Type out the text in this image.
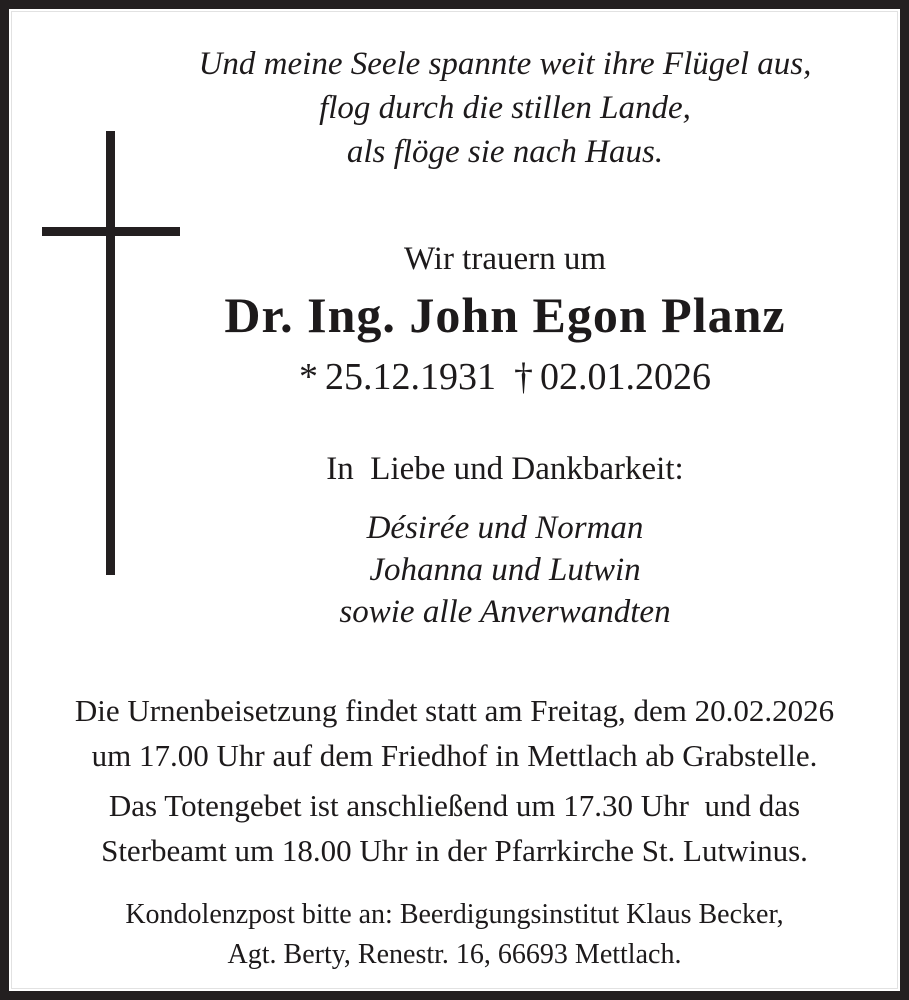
Und meine Seele spannte weit ihre Flügel aus,
flog durch die stillen Lande,
als flöge sie nach Haus.
Wir trauern um
Dr. Ing. John Egon Planz
* 25.12.1931 † 02.01.2026
In  Liebe und Dankbarkeit:
Désirée und Norman
Johanna und Lutwin
sowie alle Anverwandten
Die Urnenbeisetzung findet statt am Freitag, dem 20.02.2026
um 17.00 Uhr auf dem Friedhof in Mettlach ab Grabstelle.
Das Totengebet ist anschließend um 17.30 Uhr  und das
Sterbeamt um 18.00 Uhr in der Pfarrkirche St. Lutwinus.
Kondolenzpost bitte an: Beerdigungsinstitut Klaus Becker,
Agt. Berty, Renestr. 16, 66693 Mettlach.
